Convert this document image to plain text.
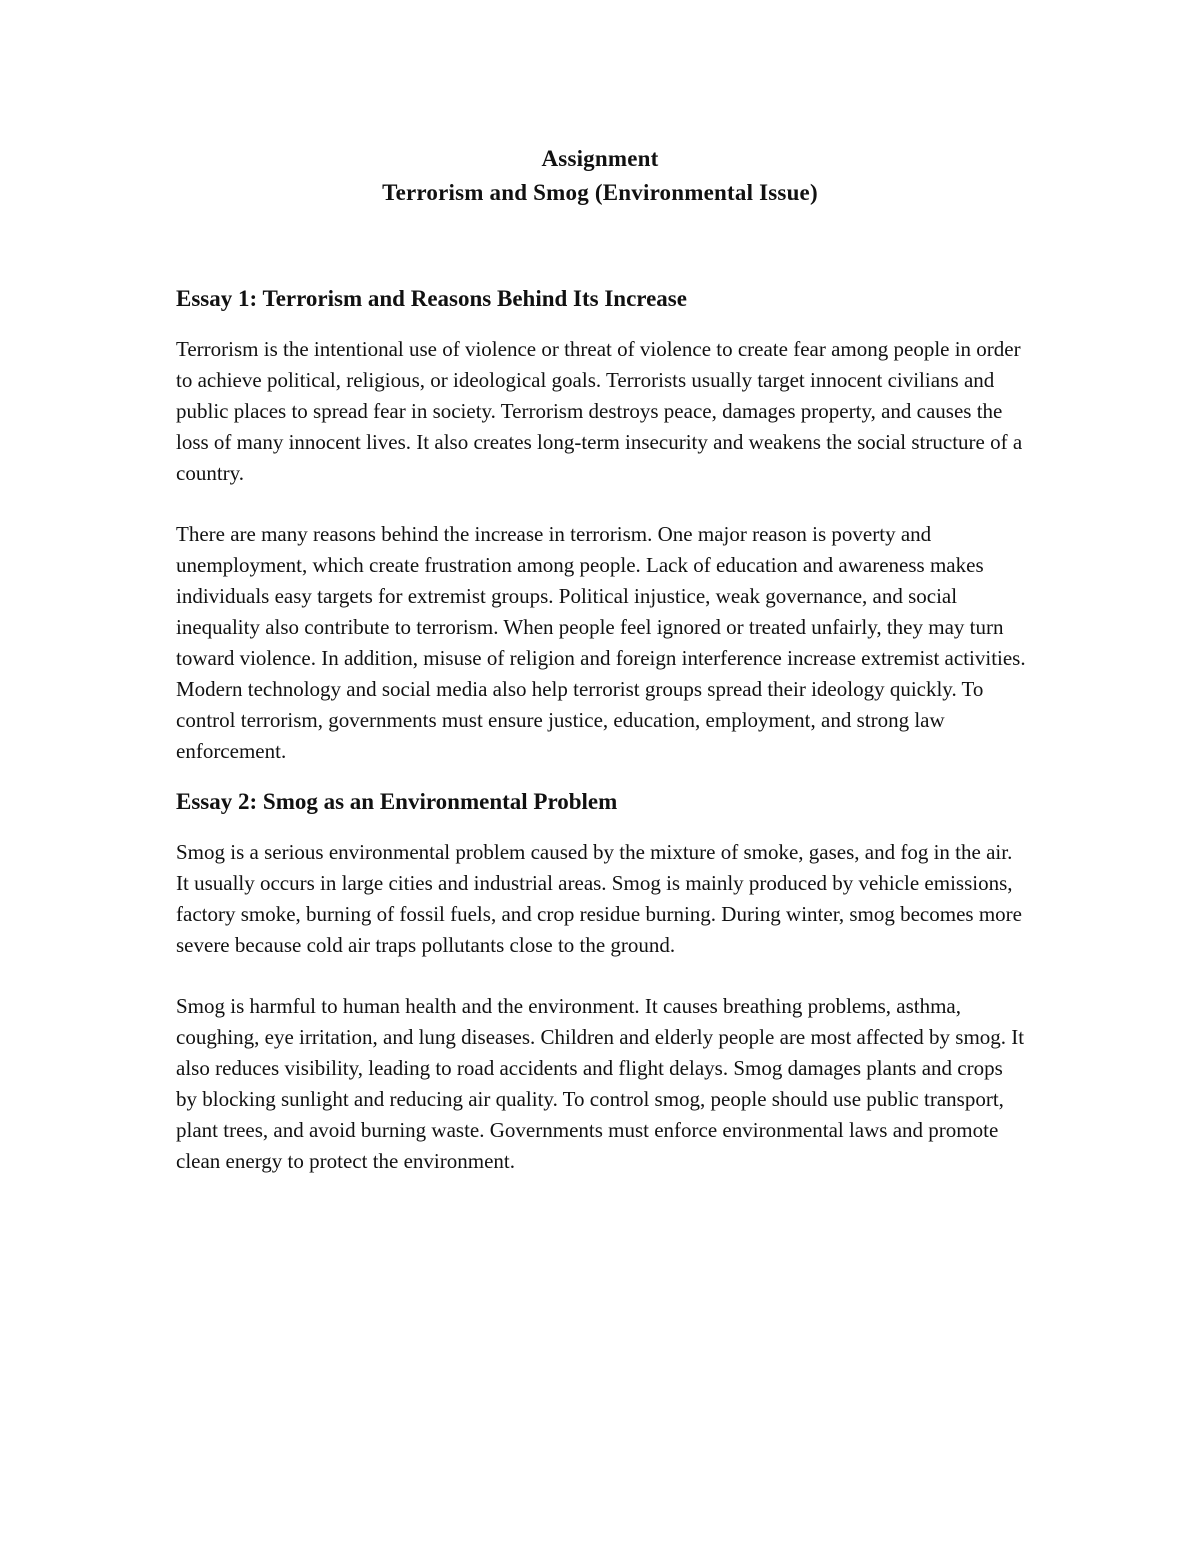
Assignment
Terrorism and Smog (Environmental Issue)
Essay 1: Terrorism and Reasons Behind Its Increase

Terrorism is the intentional use of violence or threat of violence to create fear among people in order to achieve political, religious, or ideological goals. Terrorists usually target innocent civilians and public places to spread fear in society. Terrorism destroys peace, damages property, and causes the loss of many innocent lives. It also creates long-term insecurity and weakens the social structure of a country.

There are many reasons behind the increase in terrorism. One major reason is poverty and unemployment, which create frustration among people. Lack of education and awareness makes individuals easy targets for extremist groups. Political injustice, weak governance, and social inequality also contribute to terrorism. When people feel ignored or treated unfairly, they may turn toward violence. In addition, misuse of religion and foreign interference increase extremist activities. Modern technology and social media also help terrorist groups spread their ideology quickly. To control terrorism, governments must ensure justice, education, employment, and strong law enforcement.

Essay 2: Smog as an Environmental Problem

Smog is a serious environmental problem caused by the mixture of smoke, gases, and fog in the air. It usually occurs in large cities and industrial areas. Smog is mainly produced by vehicle emissions, factory smoke, burning of fossil fuels, and crop residue burning. During winter, smog becomes more severe because cold air traps pollutants close to the ground.

Smog is harmful to human health and the environment. It causes breathing problems, asthma, coughing, eye irritation, and lung diseases. Children and elderly people are most affected by smog. It also reduces visibility, leading to road accidents and flight delays. Smog damages plants and crops by blocking sunlight and reducing air quality. To control smog, people should use public transport, plant trees, and avoid burning waste. Governments must enforce environmental laws and promote clean energy to protect the environment.
